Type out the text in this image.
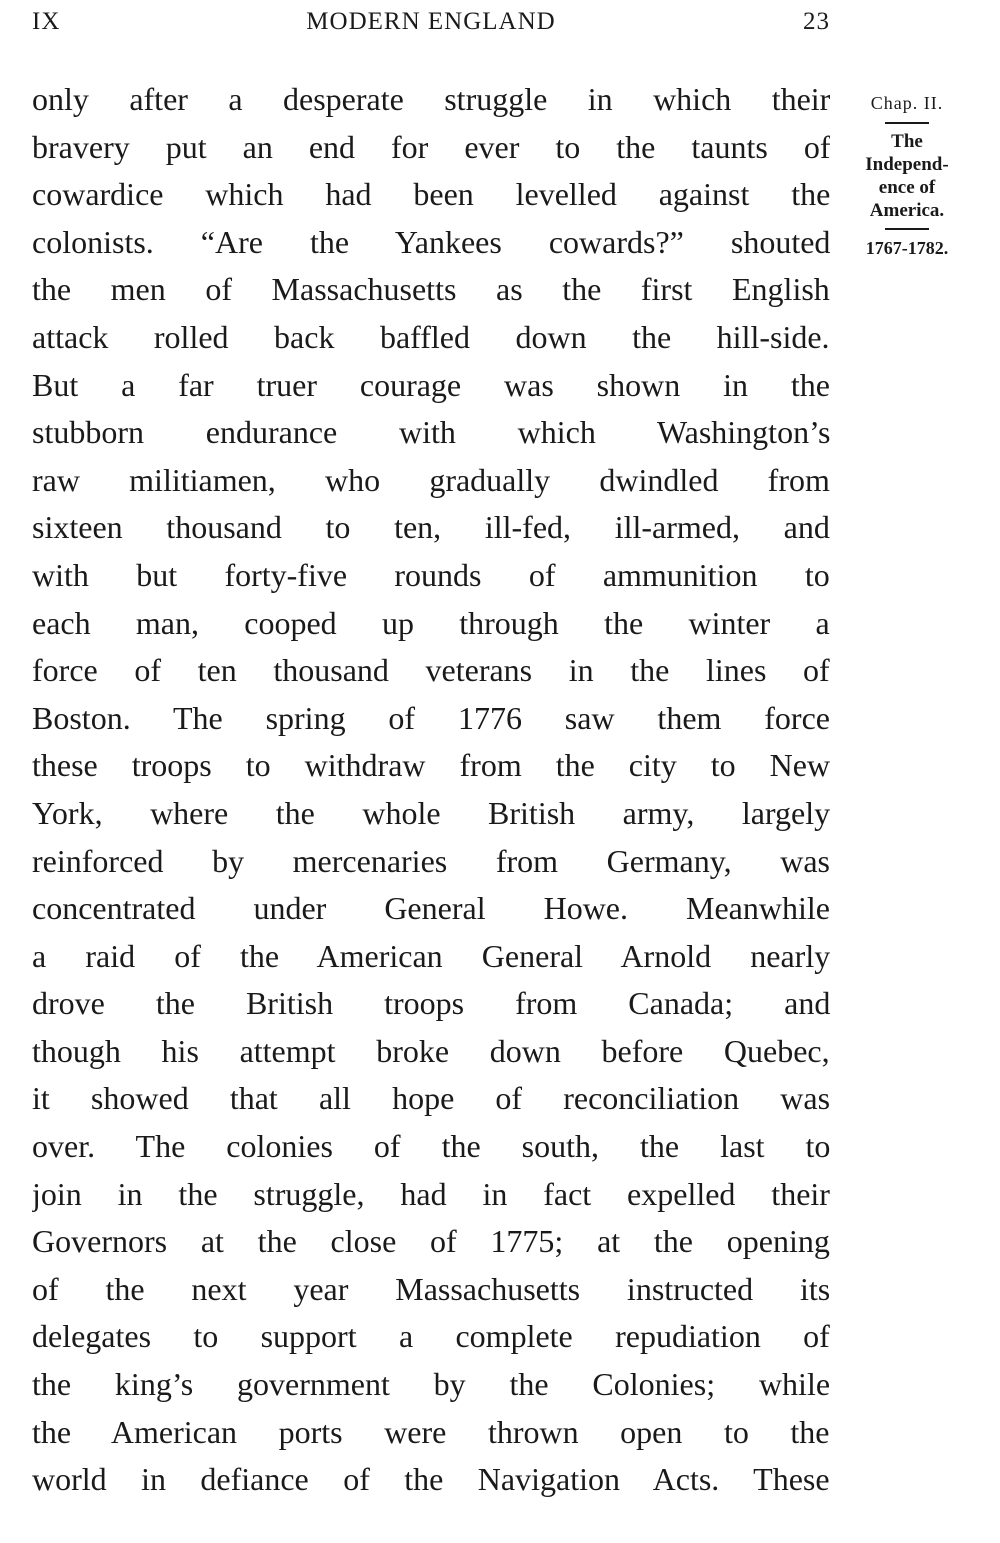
IX	MODERN ENGLAND	23
only after a desperate struggle in which their
bravery put an end for ever to the taunts of
cowardice which had been levelled against the
colonists. “Are the Yankees cowards?” shouted
the men of Massachusetts as the first English
attack rolled back baffled down the hill-side.
But a far truer courage was shown in the
stubborn endurance with which Washington’s
raw militiamen, who gradually dwindled from
sixteen thousand to ten, ill-fed, ill-armed, and
with but forty-five rounds of ammunition to
each man, cooped up through the winter a
force of ten thousand veterans in the lines of
Boston. The spring of 1776 saw them force
these troops to withdraw from the city to New
York, where the whole British army, largely
reinforced by mercenaries from Germany, was
concentrated under General Howe. Meanwhile
a raid of the American General Arnold nearly
drove the British troops from Canada; and
though his attempt broke down before Quebec,
it showed that all hope of reconciliation was
over. The colonies of the south, the last to
join in the struggle, had in fact expelled their
Governors at the close of 1775; at the opening
of the next year Massachusetts instructed its
delegates to support a complete repudiation of
the king’s government by the Colonies; while
the American ports were thrown open to the
world in defiance of the Navigation Acts. These
Chap. II.
The
Independ-
ence of
America.
1767-1782.
